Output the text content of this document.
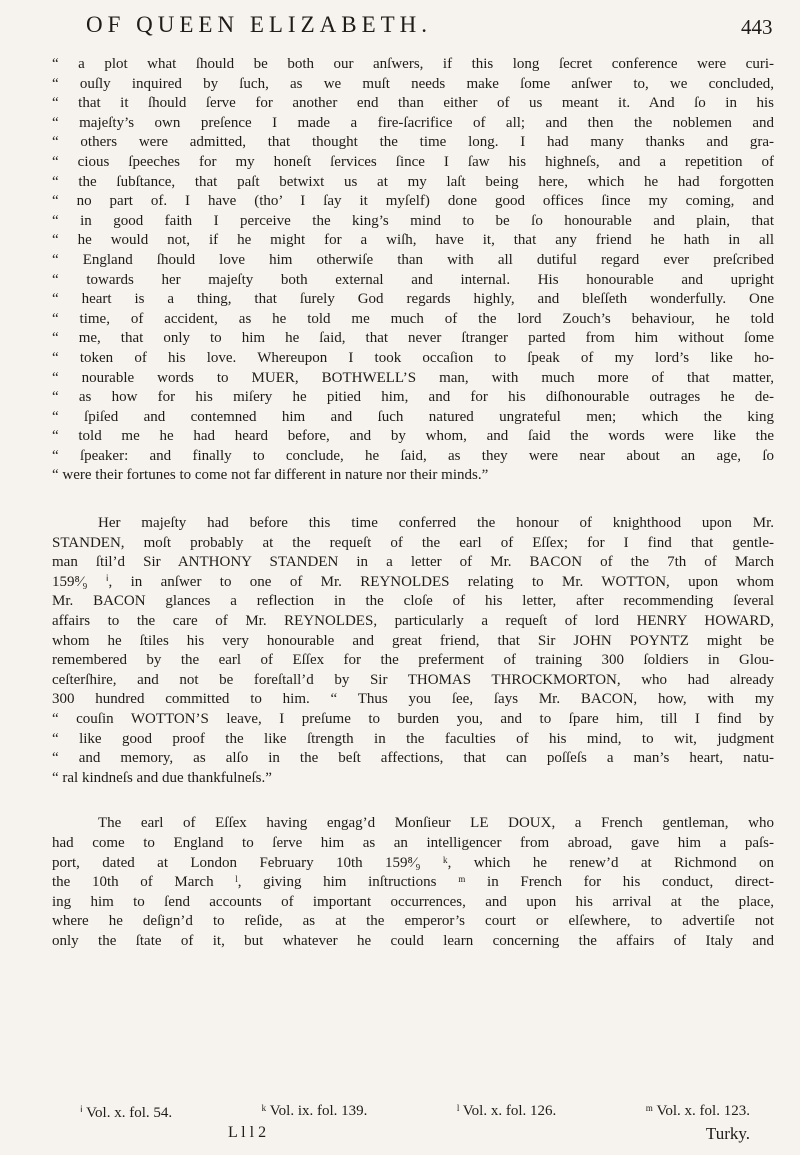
OF QUEEN ELIZABETH.	443
“ a plot what ſhould be both our anſwers, if this long ſecret conference were curi-
“ ouſly inquired by ſuch, as we muſt needs make ſome anſwer to, we concluded,
“ that it ſhould ſerve for another end than either of us meant it. And ſo in his
“ majeſty’s own preſence I made a fire-ſacrifice of all; and then the noblemen and
“ others were admitted, that thought the time long. I had many thanks and gra-
“ cious ſpeeches for my honeſt ſervices ſince I ſaw his highneſs, and a repetition of
“ the ſubſtance, that paſt betwixt us at my laſt being here, which he had forgotten
“ no part of. I have (tho’ I ſay it myſelf) done good offices ſince my coming, and
“ in good faith I perceive the king’s mind to be ſo honourable and plain, that
“ he would not, if he might for a wiſh, have it, that any friend he hath in all
“ England ſhould love him otherwiſe than with all dutiful regard ever preſcribed
“ towards her majeſty both external and internal. His honourable and upright
“ heart is a thing, that ſurely God regards highly, and bleſſeth wonderfully. One
“ time, of accident, as he told me much of the lord Zouch’s behaviour, he told
“ me, that only to him he ſaid, that never ſtranger parted from him without ſome
“ token of his love. Whereupon I took occaſion to ſpeak of my lord’s like ho-
“ nourable words to MUER, BOTHWELL’S man, with much more of that matter,
“ as how for his miſery he pitied him, and for his diſhonourable outrages he de-
“ ſpiſed and contemned him and ſuch natured ungrateful men; which the king
“ told me he had heard before, and by whom, and ſaid the words were like the
“ ſpeaker: and finally to conclude, he ſaid, as they were near about an age, ſo
“ were their fortunes to come not far different in nature nor their minds.”
Her majeſty had before this time conferred the honour of knighthood upon Mr.
STANDEN, moſt probably at the requeſt of the earl of Eſſex; for I find that gentle-
man ſtil’d Sir ANTHONY STANDEN in a letter of Mr. BACON of the 7th of March
159⁸⁄₉ ⁱ, in anſwer to one of Mr. REYNOLDES relating to Mr. WOTTON, upon whom
Mr. BACON glances a reflection in the cloſe of his letter, after recommending ſeveral
affairs to the care of Mr. REYNOLDES, particularly a requeſt of lord HENRY HOWARD,
whom he ſtiles his very honourable and great friend, that Sir JOHN POYNTZ might be
remembered by the earl of Eſſex for the preferment of training 300 ſoldiers in Glou-
ceſterſhire, and not be foreſtall’d by Sir THOMAS THROCKMORTON, who had already
300 hundred committed to him. “ Thus you ſee, ſays Mr. BACON, how, with my
“ couſin WOTTON’S leave, I preſume to burden you, and to ſpare him, till I find by
“ like good proof the like ſtrength in the faculties of his mind, to wit, judgment
“ and memory, as alſo in the beſt affections, that can poſſeſs a man’s heart, natu-
“ ral kindneſs and due thankfulneſs.”
The earl of Eſſex having engag’d Monſieur LE DOUX, a French gentleman, who
had come to England to ſerve him as an intelligencer from abroad, gave him a paſs-
port, dated at London February 10th 159⁸⁄₉ ᵏ, which he renew’d at Richmond on
the 10th of March ˡ, giving him inſtructions ᵐ in French for his conduct, direct-
ing him to ſend accounts of important occurrences, and upon his arrival at the place,
where he deſign’d to reſide, as at the emperor’s court or elſewhere, to advertiſe not
only the ſtate of it, but whatever he could learn concerning the affairs of Italy and
ⁱ Vol. x. fol. 54.	ᵏ Vol. ix. fol. 139.	ˡ Vol. x. fol. 126.	ᵐ Vol. x. fol. 123.
L l l 2	Turky.
